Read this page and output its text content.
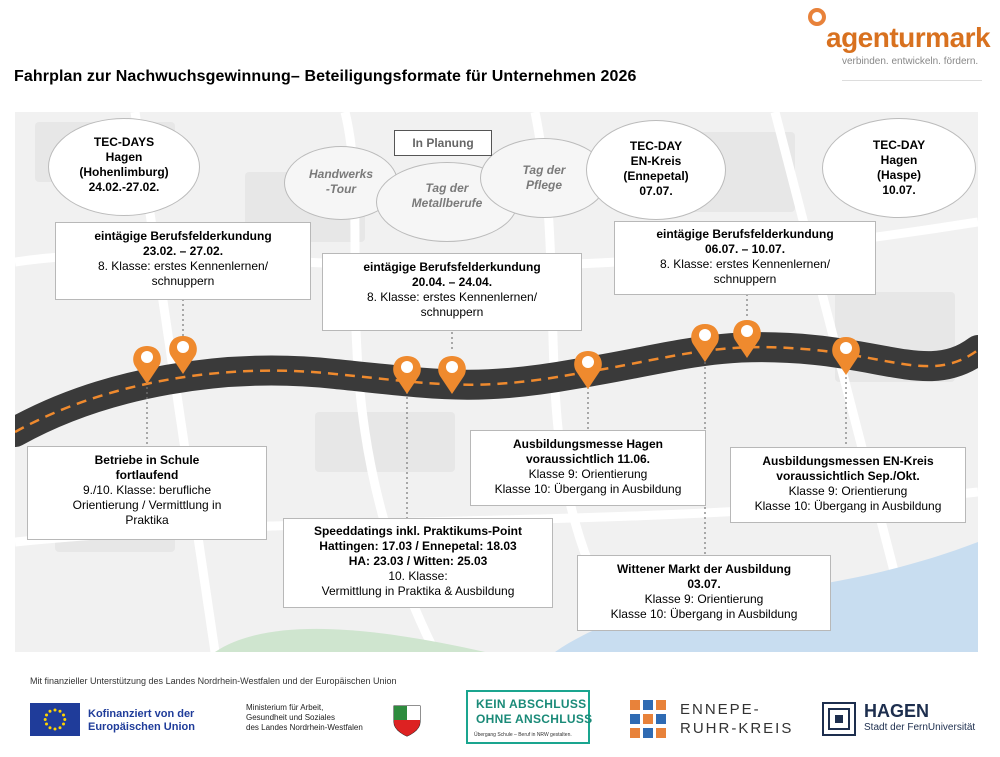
Fahrplan zur Nachwuchsgewinnung– Beteiligungsformate für Unternehmen 2026
agenturmark
verbinden. entwickeln. fördern.
TEC-DAYS
Hagen
(Hohenlimburg)
24.02.-27.02.
Handwerks
-Tour	Tag der
Metallberufe
Tag der
Pflege
In Planung	TEC-DAY
EN-Kreis
(Ennepetal)
07.07.
TEC-DAY
Hagen
(Haspe)
10.07.
eintägige Berufsfelderkundung
23.02. – 27.02.
8. Klasse: erstes Kennenlernen/
schnuppern
eintägige Berufsfelderkundung
20.04. – 24.04.
8. Klasse: erstes Kennenlernen/
schnuppern
eintägige Berufsfelderkundung
06.07. – 10.07.
8. Klasse: erstes Kennenlernen/
schnuppern
Betriebe in Schule
fortlaufend
9./10. Klasse: berufliche
Orientierung / Vermittlung in
Praktika
Speeddatings inkl. Praktikums-Point
Hattingen: 17.03 / Ennepetal: 18.03
HA: 23.03 / Witten: 25.03
10. Klasse:
Vermittlung in Praktika & Ausbildung
Ausbildungsmesse Hagen
voraussichtlich 11.06.
Klasse 9: Orientierung
Klasse 10: Übergang in Ausbildung
Wittener Markt der Ausbildung
03.07.
Klasse 9: Orientierung
Klasse 10: Übergang in Ausbildung
Ausbildungsmessen EN-Kreis
voraussichtlich Sep./Okt.
Klasse 9: Orientierung
Klasse 10: Übergang in Ausbildung
Mit finanzieller Unterstützung des Landes Nordrhein-Westfalen und der Europäischen Union
Kofinanziert von der
Europäischen Union
Ministerium für Arbeit,
Gesundheit und Soziales
des Landes Nordrhein-Westfalen
KEIN ABSCHLUSS
OHNE ANSCHLUSS
Übergang Schule – Beruf in NRW gestalten.
ENNEPE-
RUHR-KREIS
HAGEN
Stadt der FernUniversität
